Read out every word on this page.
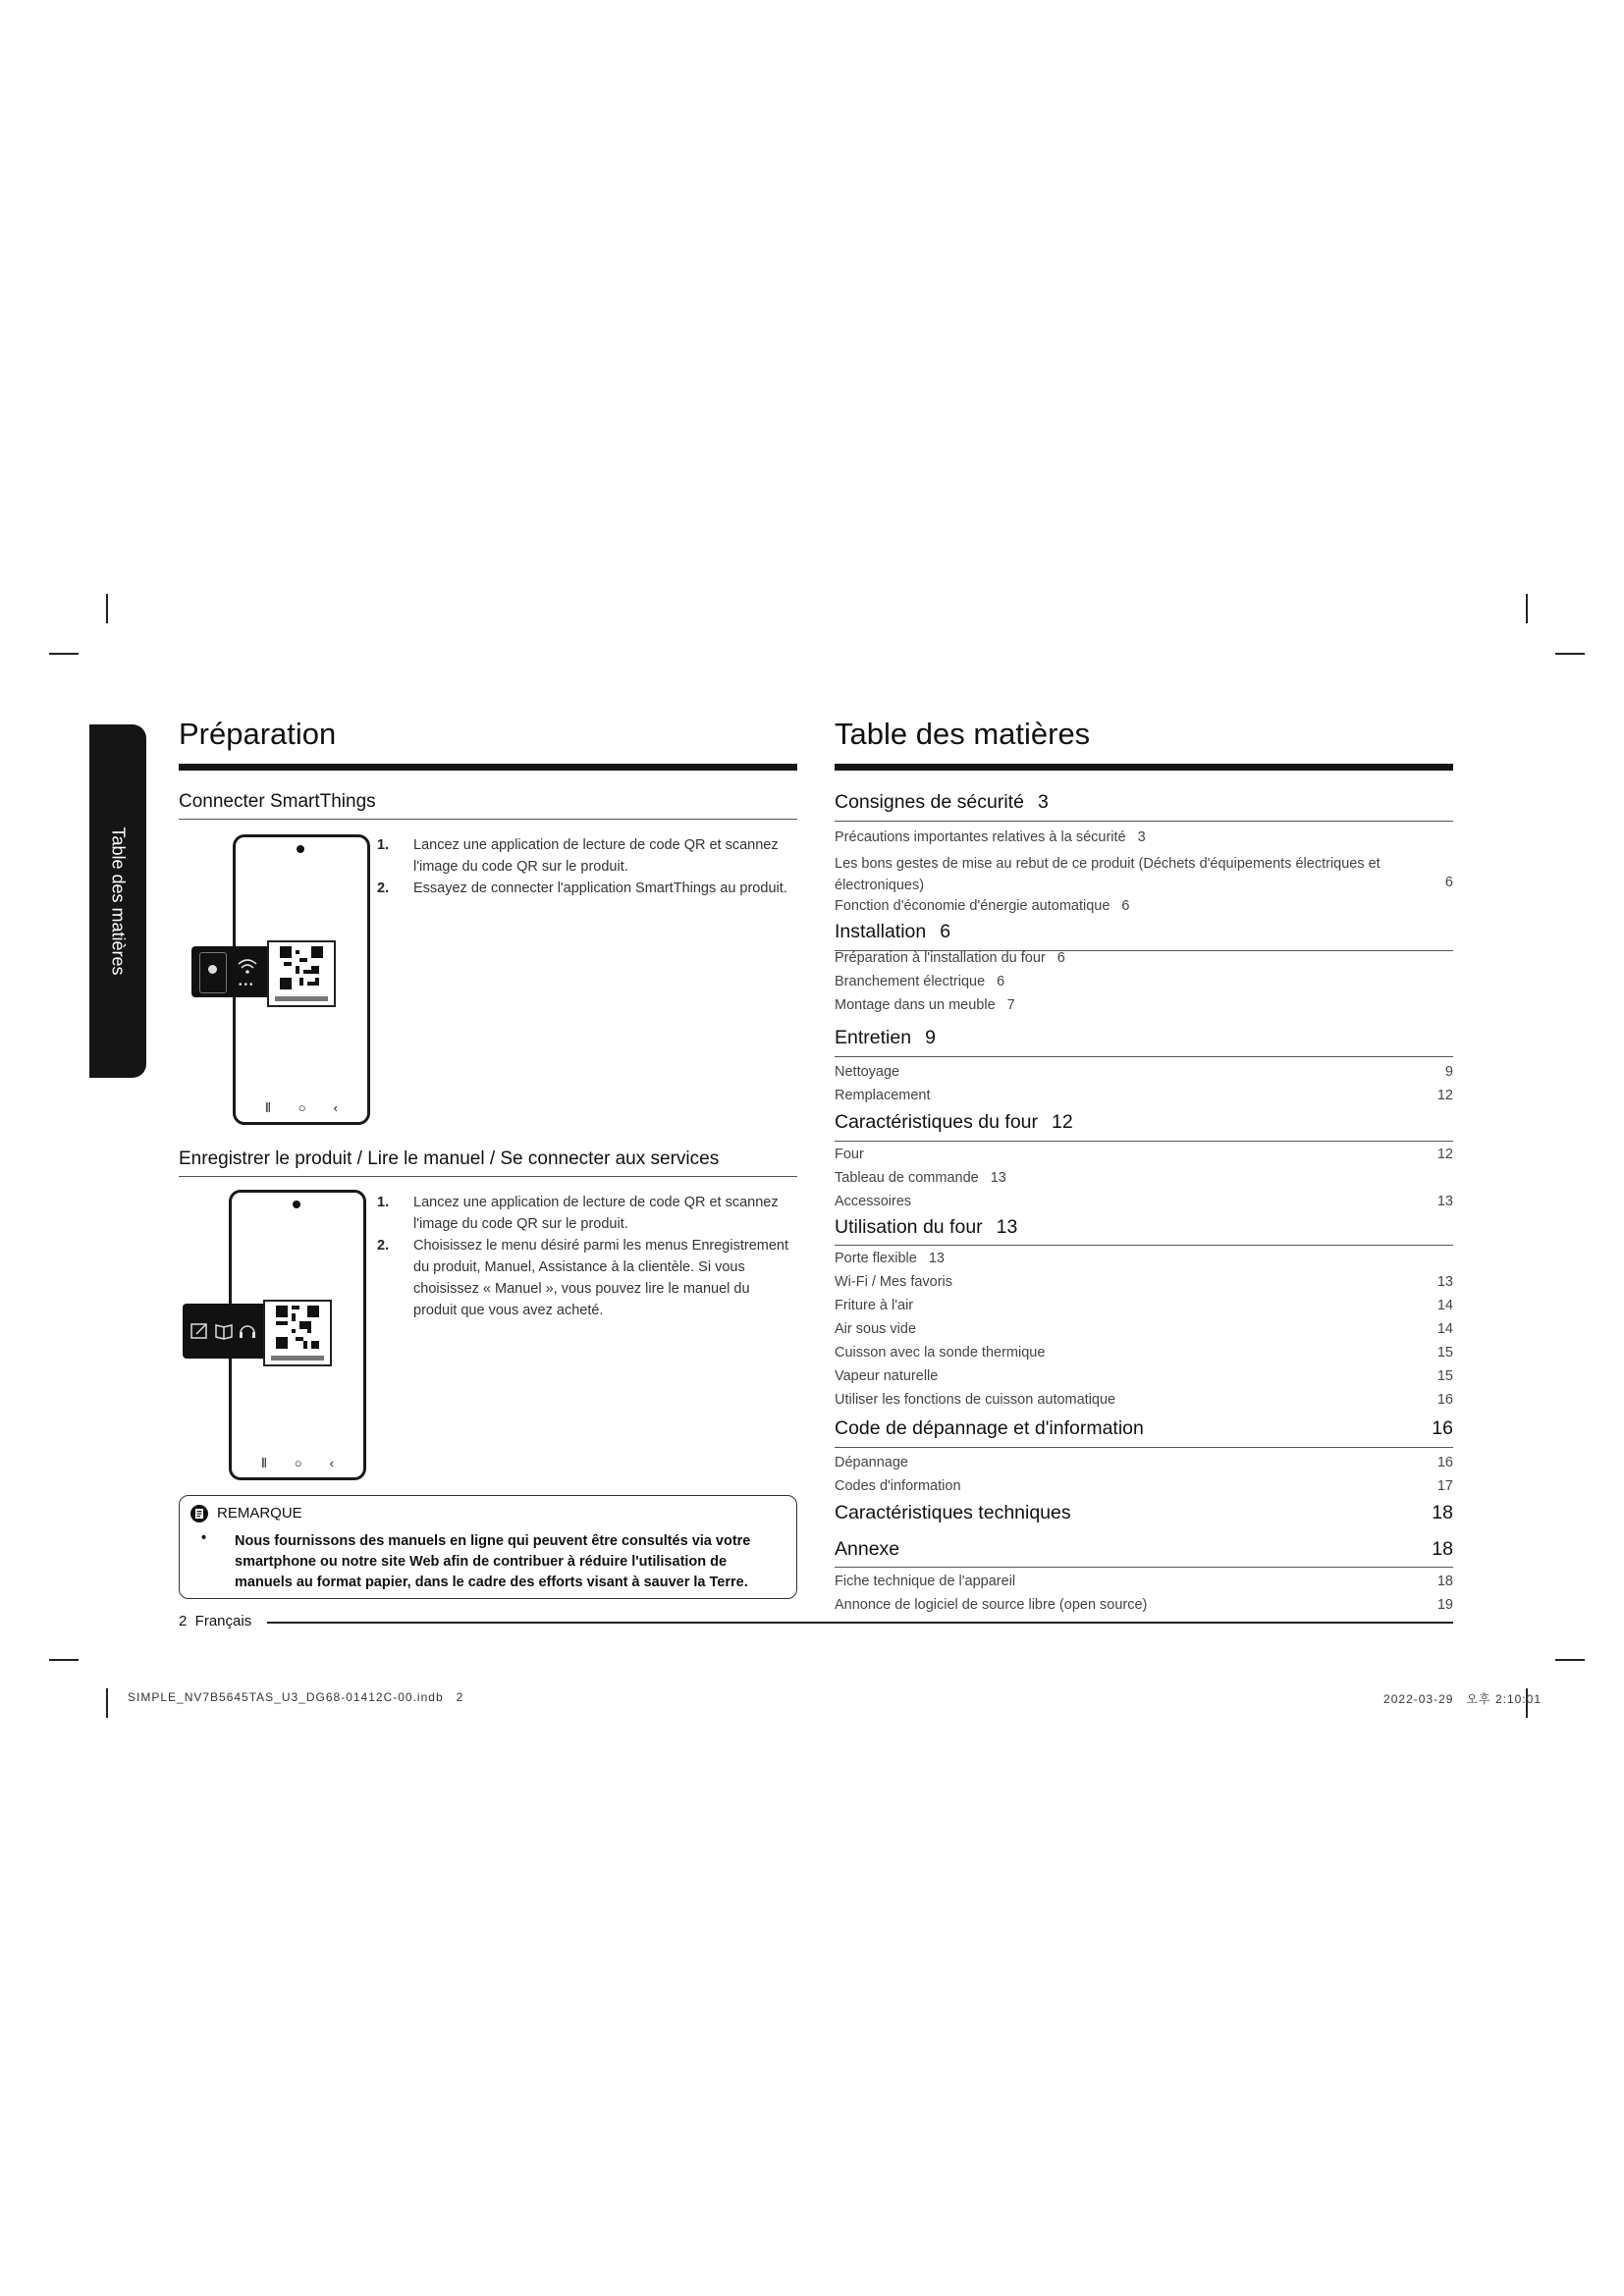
Table des matières
Préparation
Connecter SmartThings
⦀ ○ ‹
•••
1. Lancez une application de lecture de code QR et scannez l'image du code QR sur le produit.
2. Essayez de connecter l'application SmartThings au produit.
Enregistrer le produit / Lire le manuel / Se connecter aux services
⦀ ○ ‹
1. Lancez une application de lecture de code QR et scannez l'image du code QR sur le produit.
2. Choisissez le menu désiré parmi les menus Enregistrement du produit, Manuel, Assistance à la clientèle. Si vous choisissez « Manuel », vous pouvez lire le manuel du produit que vous avez acheté.
REMARQUE
• Nous fournissons des manuels en ligne qui peuvent être consultés via votre smartphone ou notre site Web afin de contribuer à réduire l'utilisation de manuels au format papier, dans le cadre des efforts visant à sauver la Terre.
2  Français
Table des matières
Consignes de sécurité 3
Précautions importantes relatives à la sécurité 3
Les bons gestes de mise au rebut de ce produit (Déchets d'équipements électriques et électroniques)	6
Fonction d'économie d'énergie automatique 6
Installation 6
Préparation à l'installation du four 6
Branchement électrique 6
Montage dans un meuble 7
Entretien 9
Nettoyage	9
Remplacement	12
Caractéristiques du four 12
Four	12
Tableau de commande 13
Accessoires	13
Utilisation du four 13
Porte flexible 13
Wi-Fi / Mes favoris	13
Friture à l'air	14
Air sous vide	14
Cuisson avec la sonde thermique	15
Vapeur naturelle	15
Utiliser les fonctions de cuisson automatique	16
Code de dépannage et d'information	16
Dépannage	16
Codes d'information	17
Caractéristiques techniques	18
Annexe	18
Fiche technique de l'appareil	18
Annonce de logiciel de source libre (open source)	19
SIMPLE_NV7B5645TAS_U3_DG68-01412C-00.indb   2	2022-03-29   오후 2:10:01
